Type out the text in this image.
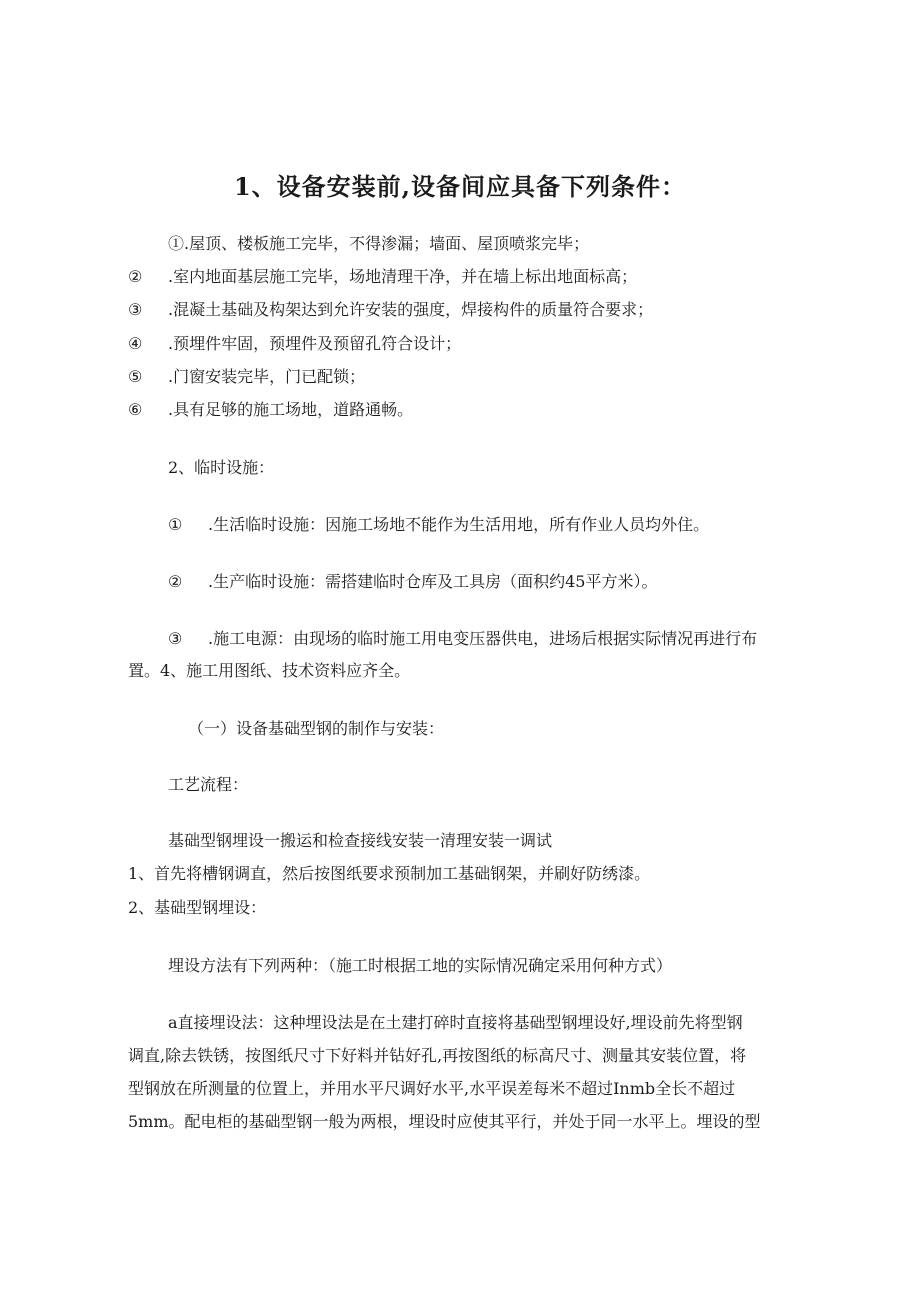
1、设备安装前,设备间应具备下列条件：
①.屋顶、楼板施工完毕，不得渗漏；墙面、屋顶喷浆完毕；
② .室内地面基层施工完毕，场地清理干净，并在墙上标出地面标高；
③ .混凝土基础及构架达到允许安装的强度，焊接构件的质量符合要求；
④ .预埋件牢固，预埋件及预留孔符合设计；
⑤ .门窗安装完毕，门已配锁；
⑥ .具有足够的施工场地，道路通畅。
2、临时设施：
① .生活临时设施：因施工场地不能作为生活用地，所有作业人员均外住。
② .生产临时设施：需搭建临时仓库及工具房（面积约45平方米）。
③ .施工电源：由现场的临时施工用电变压器供电，进场后根据实际情况再进行布
置。4、施工用图纸、技术资料应齐全。
（一）设备基础型钢的制作与安装：
工艺流程：
基础型钢埋设一搬运和检查接线安装一清理安装一调试
1、首先将槽钢调直，然后按图纸要求预制加工基础钢架，并刷好防绣漆。
2、基础型钢埋设：
埋设方法有下列两种：（施工时根据工地的实际情况确定采用何种方式）
a直接埋设法：这种埋设法是在土建打碎时直接将基础型钢埋设好,埋设前先将型钢
调直,除去铁锈，按图纸尺寸下好料并钻好孔,再按图纸的标高尺寸、测量其安装位置，将
型钢放在所测量的位置上，并用水平尺调好水平,水平误差每米不超过Inmb全长不超过
5mm。配电柜的基础型钢一般为两根，埋设时应使其平行，并处于同一水平上。埋设的型
